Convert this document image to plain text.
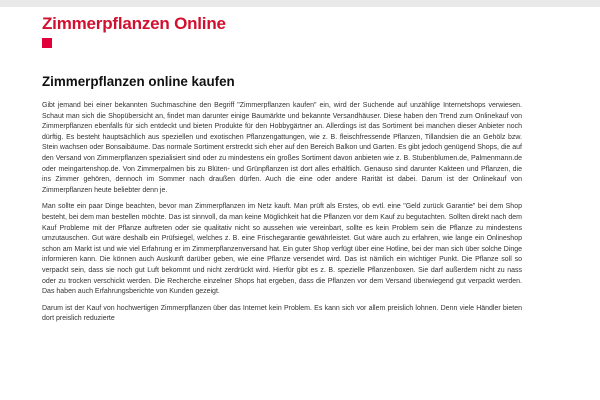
Zimmerpflanzen Online
Zimmerpflanzen online kaufen

Gibt jemand bei einer bekannten Suchmaschine den Begriff "Zimmerpflanzen kaufen" ein, wird der Suchende auf unzählige Internetshops verwiesen. Schaut man sich die Shopübersicht an, findet man darunter einige Baumärkte und bekannte Versandhäuser. Diese haben den Trend zum Onlinekauf von Zimmerpflanzen ebenfalls für sich entdeckt und bieten Produkte für den Hobbygärtner an. Allerdings ist das Sortiment bei manchen dieser Anbieter noch dürftig. Es besteht hauptsächlich aus speziellen und exotischen Pflanzengattungen, wie z. B. fleischfressende Pflanzen, Tillandsien die an Gehölz bzw. Stein wachsen oder Bonsaibäume. Das normale Sortiment erstreckt sich eher auf den Bereich Balkon und Garten. Es gibt jedoch genügend Shops, die auf den Versand von Zimmerpflanzen spezialisiert sind oder zu mindestens ein großes Sortiment davon anbieten wie z. B. Stubenblumen.de, Palmenmann.de oder meingartenshop.de. Von Zimmerpalmen bis zu Blüten- und Grünpflanzen ist dort alles erhältlich. Genauso sind darunter Kakteen und Pflanzen, die ins Zimmer gehören, dennoch im Sommer nach draußen dürfen. Auch die eine oder andere Rarität ist dabei. Darum ist der Onlinekauf von Zimmerpflanzen heute beliebter denn je.

Man sollte ein paar Dinge beachten, bevor man Zimmerpflanzen im Netz kauft. Man prüft als Erstes, ob evtl. eine "Geld zurück Garantie" bei dem Shop besteht, bei dem man bestellen möchte. Das ist sinnvoll, da man keine Möglichkeit hat die Pflanzen vor dem Kauf zu begutachten. Sollten direkt nach dem Kauf Probleme mit der Pflanze auftreten oder sie qualitativ nicht so aussehen wie vereinbart, sollte es kein Problem sein die Pflanze zu mindestens umzutauschen. Gut wäre deshalb ein Prüfsiegel, welches z. B. eine Frischegarantie gewährleistet. Gut wäre auch zu erfahren, wie lange ein Onlineshop schon am Markt ist und wie viel Erfahrung er im Zimmerpflanzenversand hat. Ein guter Shop verfügt über eine Hotline, bei der man sich über solche Dinge informieren kann. Die können auch Auskunft darüber geben, wie eine Pflanze versendet wird. Das ist nämlich ein wichtiger Punkt. Die Pflanze soll so verpackt sein, dass sie noch gut Luft bekommt und nicht zerdrückt wird. Hierfür gibt es z. B. spezielle Pflanzenboxen. Sie darf außerdem nicht zu nass oder zu trocken verschickt werden. Die Recherche einzelner Shops hat ergeben, dass die Pflanzen vor dem Versand überwiegend gut verpackt werden. Das haben auch Erfahrungsberichte von Kunden gezeigt.

Darum ist der Kauf von hochwertigen Zimmerpflanzen über das Internet kein Problem. Es kann sich vor allem preislich lohnen. Denn viele Händler bieten dort preislich reduzierte
